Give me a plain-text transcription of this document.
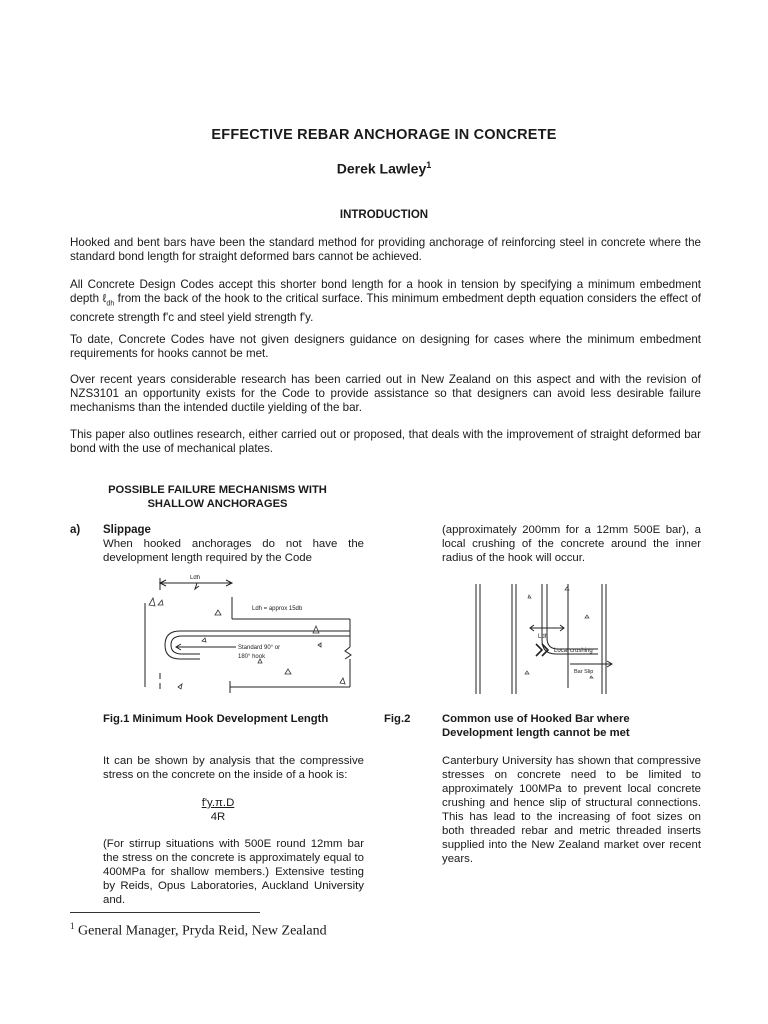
EFFECTIVE REBAR ANCHORAGE IN CONCRETE
Derek Lawley$^1$
INTRODUCTION
Hooked and bent bars have been the standard method for providing anchorage of reinforcing steel in concrete where the standard bond length for straight deformed bars cannot be achieved.
All Concrete Design Codes accept this shorter bond length for a hook in tension by specifying a minimum embedment depth ℓ$_{dh}$ from the back of the hook to the critical surface. This minimum embedment depth equation considers the effect of concrete strength f'c and steel yield strength f'y.
To date, Concrete Codes have not given designers guidance on designing for cases where the minimum embedment requirements for hooks cannot be met.
Over recent years considerable research has been carried out in New Zealand on this aspect and with the revision of NZS3101 an opportunity exists for the Code to provide assistance so that designers can avoid less desirable failure mechanisms than the intended ductile yielding of the bar.
This paper also outlines research, either carried out or proposed, that deals with the improvement of straight deformed bar bond with the use of mechanical plates.
POSSIBLE FAILURE MECHANISMS WITH
SHALLOW ANCHORAGES
a) Slippage
When hooked anchorages do not have the development length required by the Code
(approximately 200mm for a 12mm 500E bar), a local crushing of the concrete around the inner radius of the hook will occur.
Ldh
Ldh = approx 15db
Standard 90° or
180° hook
Fig.1 Minimum Hook Development Length
Ldh
Local crushing
Bar Slip
Fig.2	Common use of Hooked Bar where
Development length cannot be met
It can be shown by analysis that the compressive stress on the concrete on the inside of a hook is:
$\frac{f'y.\pi.D}{4R}$
(For stirrup situations with 500E round 12mm bar the stress on the concrete is approximately equal to 400MPa for shallow members.) Extensive testing by Reids, Opus Laboratories, Auckland University and.
Canterbury University has shown that compressive stresses on concrete need to be limited to approximately 100MPa to prevent local concrete crushing and hence slip of structural connections. This has lead to the increasing of foot sizes on both threaded rebar and metric threaded inserts supplied into the New Zealand market over recent years.
$^1$ General Manager, Pryda Reid, New Zealand
